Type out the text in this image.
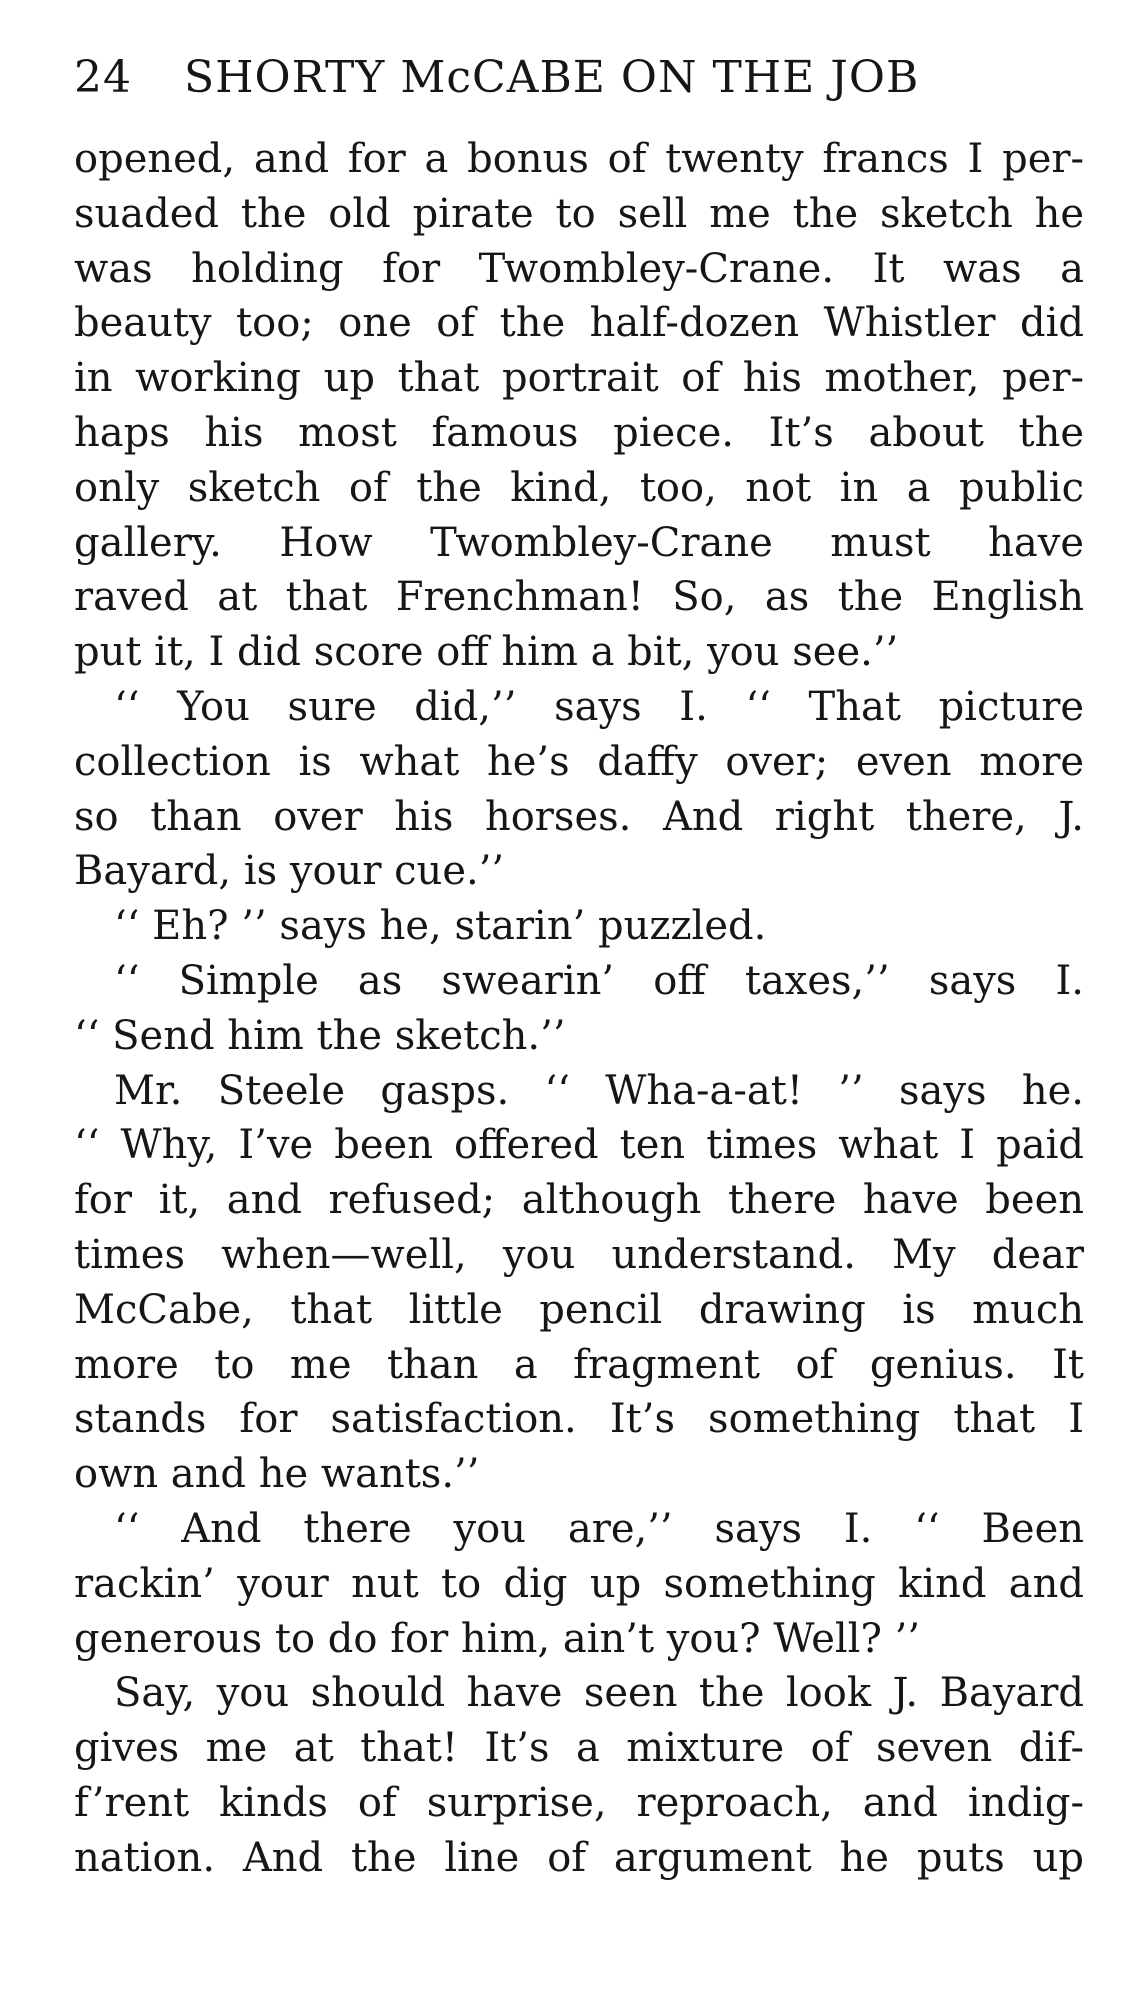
24	SHORTY McCABE ON THE JOB
opened, and for a bonus of twenty francs I per-
suaded the old pirate to sell me the sketch he
was holding for Twombley-Crane. It was a
beauty too; one of the half-dozen Whistler did
in working up that portrait of his mother, per-
haps his most famous piece. It’s about the
only sketch of the kind, too, not in a public
gallery. How Twombley-Crane must have
raved at that Frenchman! So, as the English
put it, I did score off him a bit, you see.’’
‘‘ You sure did,’’ says I. ‘‘ That picture
collection is what he’s daffy over; even more
so than over his horses. And right there, J.
Bayard, is your cue.’’
‘‘ Eh? ’’ says he, starin’ puzzled.
‘‘ Simple as swearin’ off taxes,’’ says I.
‘‘ Send him the sketch.’’
Mr. Steele gasps. ‘‘ Wha-a-at! ’’ says he.
‘‘ Why, I’ve been offered ten times what I paid
for it, and refused; although there have been
times when—well, you understand. My dear
McCabe, that little pencil drawing is much
more to me than a fragment of genius. It
stands for satisfaction. It’s something that I
own and he wants.’’
‘‘ And there you are,’’ says I. ‘‘ Been
rackin’ your nut to dig up something kind and
generous to do for him, ain’t you? Well? ’’
Say, you should have seen the look J. Bayard
gives me at that! It’s a mixture of seven dif-
f’rent kinds of surprise, reproach, and indig-
nation. And the line of argument he puts up
